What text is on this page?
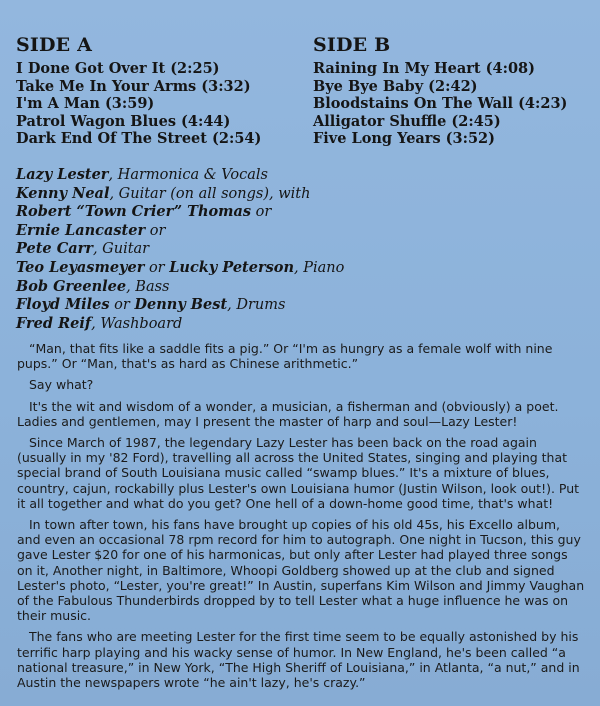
SIDE A
I Done Got Over It (2:25)
Take Me In Your Arms (3:32)
I'm A Man (3:59)
Patrol Wagon Blues (4:44)
Dark End Of The Street (2:54)
SIDE B
Raining In My Heart (4:08)
Bye Bye Baby (2:42)
Bloodstains On The Wall (4:23)
Alligator Shuffle (2:45)
Five Long Years (3:52)
Lazy Lester, Harmonica & Vocals
Kenny Neal, Guitar (on all songs), with
Robert “Town Crier” Thomas or
Ernie Lancaster or
Pete Carr, Guitar
Teo Leyasmeyer or Lucky Peterson, Piano
Bob Greenlee, Bass
Floyd Miles or Denny Best, Drums
Fred Reif, Washboard

“Man, that fits like a saddle fits a pig.” Or “I'm as hungry as a female wolf with nine pups.” Or “Man, that's as hard as Chinese arithmetic.”

Say what?

It's the wit and wisdom of a wonder, a musician, a fisherman and (obviously) a poet. Ladies and gentlemen, may I present the master of harp and soul—Lazy Lester!

Since March of 1987, the legendary Lazy Lester has been back on the road again (usually in my '82 Ford), travelling all across the United States, singing and playing that special brand of South Louisiana music called “swamp blues.” It's a mixture of blues, country, cajun, rockabilly plus Lester's own Louisiana humor (Justin Wilson, look out!). Put it all together and what do you get? One hell of a down-home good time, that's what!

In town after town, his fans have brought up copies of his old 45s, his Excello album, and even an occasional 78 rpm record for him to autograph. One night in Tucson, this guy gave Lester $20 for one of his harmonicas, but only after Lester had played three songs on it, Another night, in Baltimore, Whoopi Goldberg showed up at the club and signed Lester's photo, “Lester, you're great!” In Austin, superfans Kim Wilson and Jimmy Vaughan of the Fabulous Thunderbirds dropped by to tell Lester what a huge influence he was on their music.

The fans who are meeting Lester for the first time seem to be equally astonished by his terrific harp playing and his wacky sense of humor. In New England, he's been called “a national treasure,” in New York, “The High Sheriff of Louisiana,” in Atlanta, “a nut,” and in Austin the newspapers wrote “he ain't lazy, he's crazy.”
